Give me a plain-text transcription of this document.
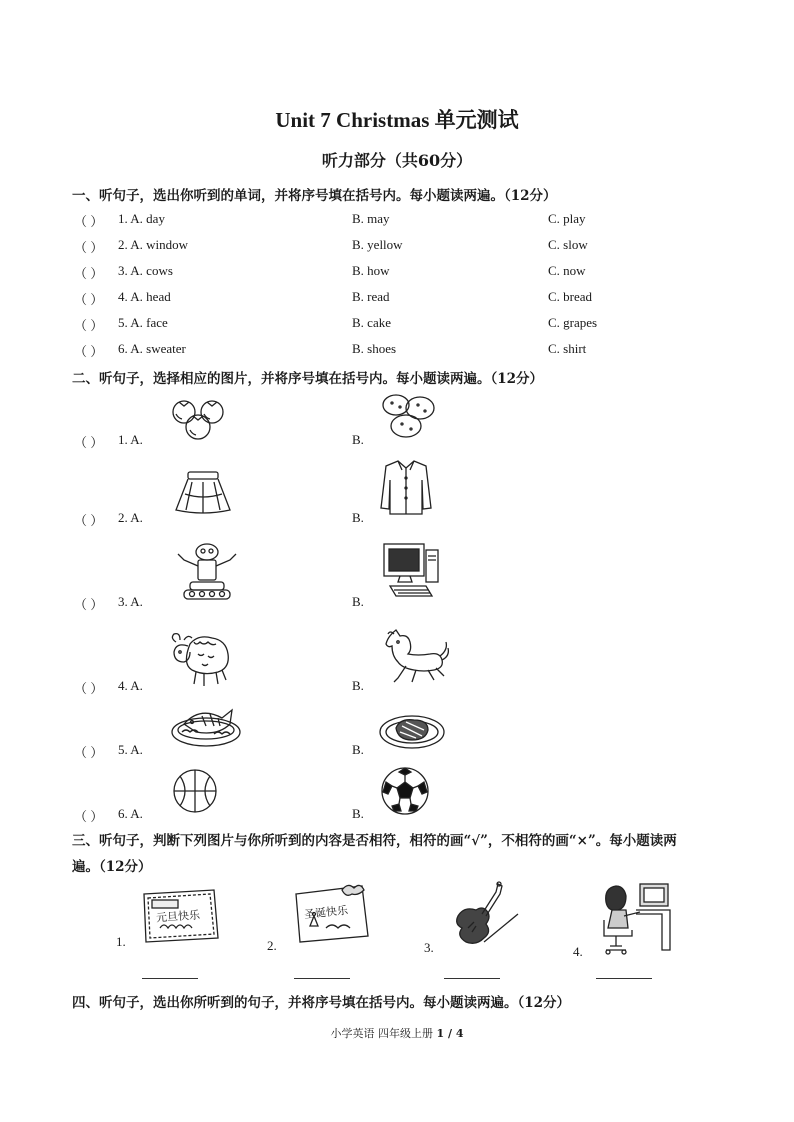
Unit 7 Christmas 单元测试
听力部分（共60分）
一、听句子，选出你听到的单词，并将序号填在括号内。每小题读两遍。（12分）
（ ） 1. A. day	B. may	C. play
（ ） 2. A. window	B. yellow	C. slow
（ ） 3. A. cows	B. how	C. now
（ ） 4. A. head	B. read	C. bread
（ ） 5. A. face	B. cake	C. grapes
（ ） 6. A. sweater	B. shoes	C. shirt
二、听句子，选择相应的图片，并将序号填在括号内。每小题读两遍。（12分）
（ ） 1. A.	B.
（ ） 2. A.	B.
（ ） 3. A.	B.
（ ） 4. A.	B.
（ ） 5. A.	B.
（ ） 6. A.	B.
三、听句子，判断下列图片与你所听到的内容是否相符，相符的画“√”，不相符的画“×”。每小题读两
遍。（12分）
1.
元旦快乐
2.
圣诞快乐
3.	4.
四、听句子，选出你所听到的句子，并将序号填在括号内。每小题读两遍。（12分）
小学英语 四年级上册 1 / 4
